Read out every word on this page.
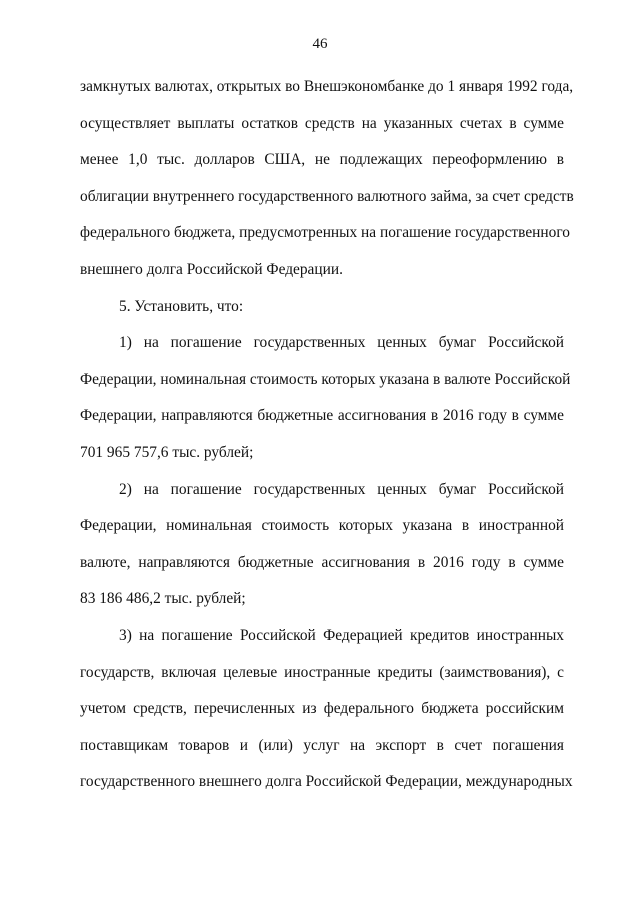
46
замкнутых валютах, открытых во Внешэкономбанке до 1 января 1992 года,
осуществляет выплаты остатков средств на указанных счетах в сумме
менее 1,0 тыс. долларов США, не подлежащих переоформлению в
облигации внутреннего государственного валютного займа, за счет средств
федерального бюджета, предусмотренных на погашение государственного
внешнего долга Российской Федерации.
5. Установить, что:
1) на погашение государственных ценных бумаг Российской
Федерации, номинальная стоимость которых указана в валюте Российской
Федерации, направляются бюджетные ассигнования в 2016 году в сумме
701 965 757,6 тыс. рублей;
2) на погашение государственных ценных бумаг Российской
Федерации, номинальная стоимость которых указана в иностранной
валюте, направляются бюджетные ассигнования в 2016 году в сумме
83 186 486,2 тыс. рублей;
3) на погашение Российской Федерацией кредитов иностранных
государств, включая целевые иностранные кредиты (заимствования), с
учетом средств, перечисленных из федерального бюджета российским
поставщикам товаров и (или) услуг на экспорт в счет погашения
государственного внешнего долга Российской Федерации, международных
